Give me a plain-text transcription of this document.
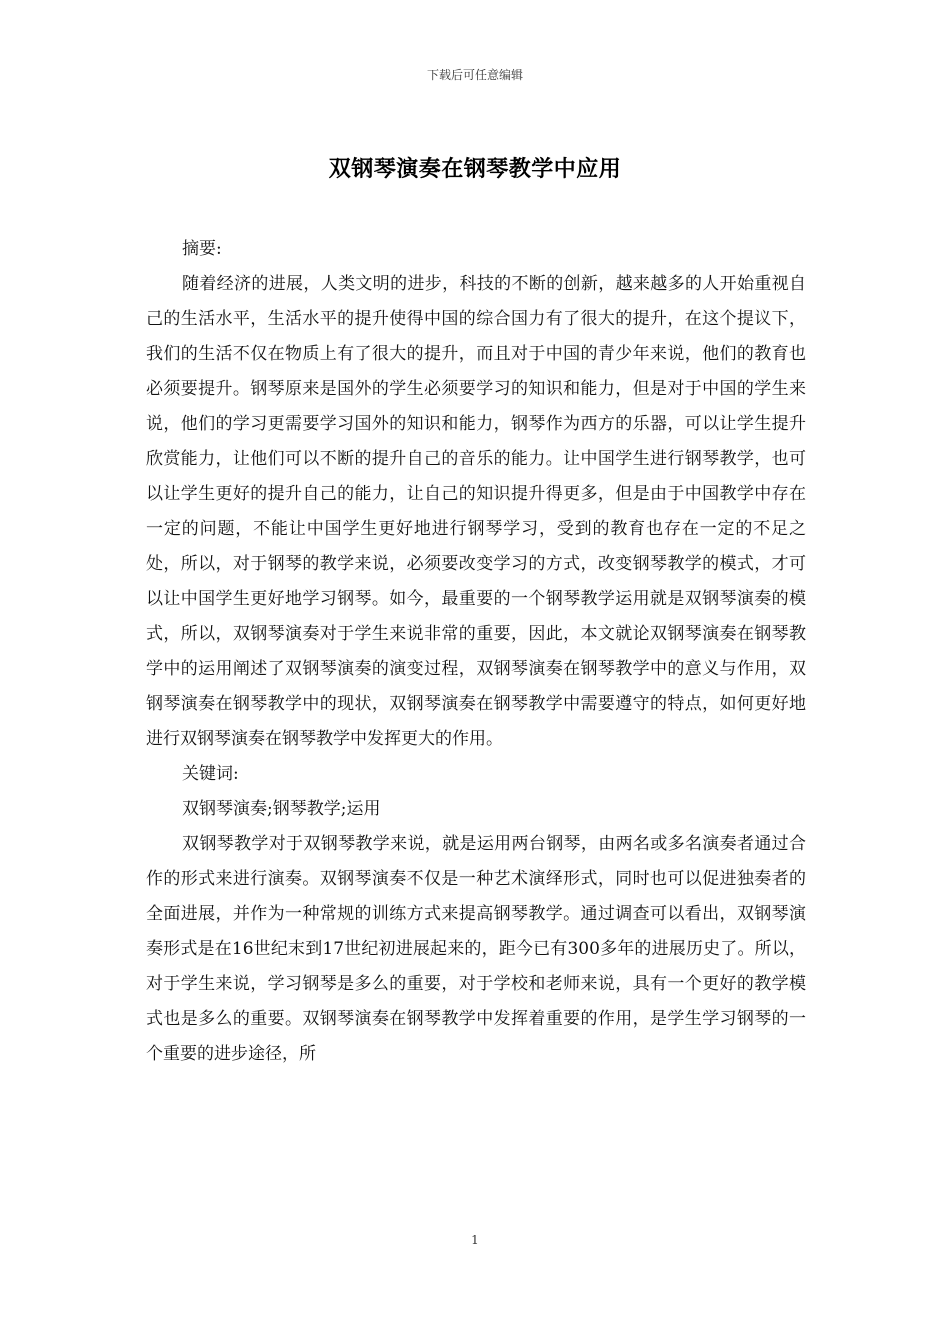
下载后可任意编辑
双钢琴演奏在钢琴教学中应用

摘要:

随着经济的进展，人类文明的进步，科技的不断的创新，越来越多的人开始重视自己的生活水平，生活水平的提升使得中国的综合国力有了很大的提升，在这个提议下，我们的生活不仅在物质上有了很大的提升，而且对于中国的青少年来说，他们的教育也必须要提升。钢琴原来是国外的学生必须要学习的知识和能力，但是对于中国的学生来说，他们的学习更需要学习国外的知识和能力，钢琴作为西方的乐器，可以让学生提升欣赏能力，让他们可以不断的提升自己的音乐的能力。让中国学生进行钢琴教学，也可以让学生更好的提升自己的能力，让自己的知识提升得更多，但是由于中国教学中存在一定的问题，不能让中国学生更好地进行钢琴学习，受到的教育也存在一定的不足之处，所以，对于钢琴的教学来说，必须要改变学习的方式，改变钢琴教学的模式，才可以让中国学生更好地学习钢琴。如今，最重要的一个钢琴教学运用就是双钢琴演奏的模式，所以，双钢琴演奏对于学生来说非常的重要，因此，本文就论双钢琴演奏在钢琴教学中的运用阐述了双钢琴演奏的演变过程，双钢琴演奏在钢琴教学中的意义与作用，双钢琴演奏在钢琴教学中的现状，双钢琴演奏在钢琴教学中需要遵守的特点，如何更好地进行双钢琴演奏在钢琴教学中发挥更大的作用。

关键词:

双钢琴演奏;钢琴教学;运用

双钢琴教学对于双钢琴教学来说，就是运用两台钢琴，由两名或多名演奏者通过合作的形式来进行演奏。双钢琴演奏不仅是一种艺术演绎形式，同时也可以促进独奏者的全面进展，并作为一种常规的训练方式来提高钢琴教学。通过调查可以看出，双钢琴演奏形式是在16世纪末到17世纪初进展起来的，距今已有300多年的进展历史了。所以，对于学生来说，学习钢琴是多么的重要，对于学校和老师来说，具有一个更好的教学模式也是多么的重要。双钢琴演奏在钢琴教学中发挥着重要的作用，是学生学习钢琴的一个重要的进步途径，所

1
